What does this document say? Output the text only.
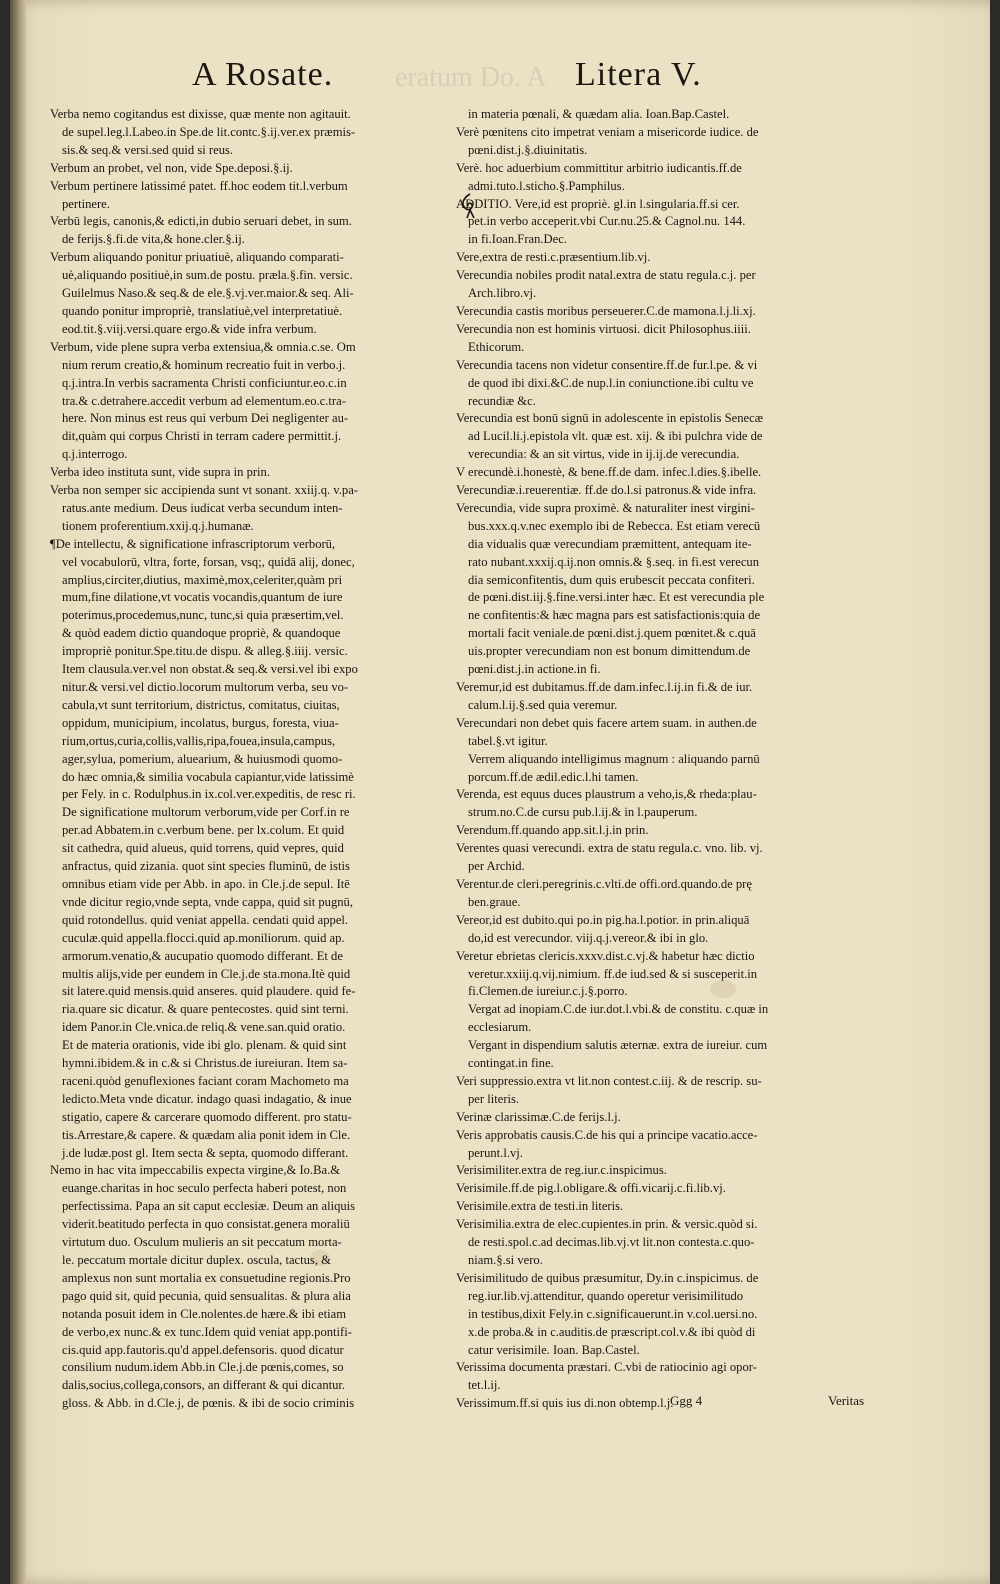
eratum Do. A
A Rosate.	Litera V.
Verba nemo cogitandus est dixisse, quæ mente non agitauit.
de supel.leg.l.Labeo.in Spe.de lit.contc.§.ij.ver.ex præmis-
sis.& seq.& versi.sed quid si reus.
Verbum an probet, vel non, vide Spe.deposi.§.ij.
Verbum pertinere latissimé patet. ff.hoc eodem tit.l.verbum
pertinere.
Verbū legis, canonis,& edicti,in dubio seruari debet, in sum.
de ferijs.§.fi.de vita,& hone.cler.§.ij.
Verbum aliquando ponitur priuatiuè, aliquando comparati-
uè,aliquando positiuè,in sum.de postu. præla.§.fin. versic.
Guilelmus Naso.& seq.& de ele.§.vj.ver.maior.& seq. Ali-
quando ponitur impropriè, translatiuè,vel interpretatiuè.
eod.tit.§.viij.versi.quare ergo.& vide infra verbum.
Verbum, vide plene supra verba extensiua,& omnia.c.se. Om
nium rerum creatio,& hominum recreatio fuit in verbo.j.
q.j.intra.In verbis sacramenta Christi conficiuntur.eo.c.in
tra.& c.detrahere.accedit verbum ad elementum.eo.c.tra-
here. Non minus est reus qui verbum Dei negligenter au-
dit,quàm qui corpus Christi in terram cadere permittit.j.
q.j.interrogo.
Verba ideo instituta sunt, vide supra in prin.
Verba non semper sic accipienda sunt vt sonant. xxiij.q. v.pa-
ratus.ante medium. Deus iudicat verba secundum inten-
tionem proferentium.xxij.q.j.humanæ.
¶De intellectu, & significatione infrascriptorum verborū,
vel vocabulorū, vltra, forte, forsan, vsq;, quidā alij, donec,
amplius,circiter,diutius, maximè,mox,celeriter,quàm pri
mum,fine dilatione,vt vocatis vocandis,quantum de iure
poterimus,procedemus,nunc, tunc,si quia præsertim,vel.
& quòd eadem dictio quandoque propriè, & quandoque
impropriè ponitur.Spe.titu.de dispu. & alleg.§.iiij. versic.
Item clausula.ver.vel non obstat.& seq.& versi.vel ibi expo
nitur.& versi.vel dictio.locorum multorum verba, seu vo-
cabula,vt sunt territorium, districtus, comitatus, ciuitas,
oppidum, municipium, incolatus, burgus, foresta, viua-
rium,ortus,curia,collis,vallis,ripa,fouea,insula,campus,
ager,sylua, pomerium, aluearium, & huiusmodi quomo-
do hæc omnia,& similia vocabula capiantur,vide latissimè
per Fely. in c. Rodulphus.in ix.col.ver.expeditis, de resc ri.
De significatione multorum verborum,vide per Corf.in re
per.ad Abbatem.in c.verbum bene. per lx.colum. Et quid
sit cathedra, quid alueus, quid torrens, quid vepres, quid
anfractus, quid zizania. quot sint species fluminū, de istis
omnibus etiam vide per Abb. in apo. in Cle.j.de sepul. Itē
vnde dicitur regio,vnde septa, vnde cappa, quid sit pugnū,
quid rotondellus. quid veniat appella. cendati quid appel.
cuculæ.quid appella.flocci.quid ap.moniliorum. quid ap.
armorum.venatio,& aucupatio quomodo differant. Et de
multis alijs,vide per eundem in Cle.j.de sta.mona.Itè quid
sit latere.quid mensis.quid anseres. quid plaudere. quid fe-
ria.quare sic dicatur. & quare pentecostes. quid sint terni.
idem Panor.in Cle.vnica.de reliq.& vene.san.quid oratio.
Et de materia orationis, vide ibi glo. plenam. & quid sint
hymni.ibidem.& in c.& si Christus.de iureiuran. Item sa-
raceni.quòd genuflexiones faciant coram Machometo ma
ledicto.Meta vnde dicatur. indago quasi indagatio, & inue
stigatio, capere & carcerare quomodo different. pro statu-
tis.Arrestare,& capere. & quædam alia ponit idem in Cle.
j.de ludæ.post gl. Item secta & septa, quomodo differant.
Nemo in hac vita impeccabilis expecta virgine,& Io.Ba.&
euange.charitas in hoc seculo perfecta haberi potest, non
perfectissima. Papa an sit caput ecclesiæ. Deum an aliquis
viderit.beatitudo perfecta in quo consistat.genera moraliū
virtutum duo. Osculum mulieris an sit peccatum morta-
le. peccatum mortale dicitur duplex. oscula, tactus, &
amplexus non sunt mortalia ex consuetudine regionis.Pro
pago quid sit, quid pecunia, quid sensualitas. & plura alia
notanda posuit idem in Cle.nolentes.de hære.& ibi etiam
de verbo,ex nunc.& ex tunc.Idem quid veniat app.pontifi-
cis.quid app.fautoris.qu'd appel.defensoris. quod dicatur
consilium nudum.idem Abb.in Cle.j.de pœnis,comes, so
dalis,socius,collega,consors, an differant & qui dicantur.
gloss. & Abb. in d.Cle.j, de pœnis. & ibi de socio criminis
in materia pœnali, & quædam alia. Ioan.Bap.Castel.
Verè pœnitens cito impetrat veniam a misericorde iudice. de
pœni.dist.j.§.diuinitatis.
Verè. hoc aduerbium committitur arbitrio iudicantis.ff.de
admi.tuto.l.sticho.§.Pamphilus.
ADDITIO. Vere,id est propriè. gl.in l.singularia.ff.si cer.
pet.in verbo acceperit.vbi Cur.nu.25.& Cagnol.nu. 144.
in fi.Ioan.Fran.Dec.
Vere,extra de resti.c.præsentium.lib.vj.
Verecundia nobiles prodit natal.extra de statu regula.c.j. per
Arch.libro.vj.
Verecundia castis moribus perseuerer.C.de mamona.l.j.li.xj.
Verecundia non est hominis virtuosi. dicit Philosophus.iiii.
Ethicorum.
Verecundia tacens non videtur consentire.ff.de fur.l.pe. & vi
de quod ibi dixi.&C.de nup.l.in coniunctione.ibi cultu ve
recundiæ &c.
Verecundia est bonū signū in adolescente in epistolis Senecæ
ad Lucil.li.j.epistola vlt. quæ est. xij. & ibi pulchra vide de
verecundia: & an sit virtus, vide in ij.ij.de verecundia.
V erecundè.i.honestè, & bene.ff.de dam. infec.l.dies.§.ibelle.
Verecundiæ.i.reuerentiæ. ff.de do.l.si patronus.& vide infra.
Verecundia, vide supra proximè. & naturaliter inest virgini-
bus.xxx.q.v.nec exemplo ibi de Rebecca. Est etiam verecū
dia vidualis quæ verecundiam præmittent, antequam ite-
rato nubant.xxxij.q.ij.non omnis.& §.seq. in fi.est verecun
dia semiconfitentis, dum quis erubescit peccata confiteri.
de pœni.dist.iij.§.fine.versi.inter hæc. Et est verecundia ple
ne confitentis:& hæc magna pars est satisfactionis:quia de
mortali facit veniale.de pœni.dist.j.quem pœnitet.& c.quā
uis.propter verecundiam non est bonum dimittendum.de
pœni.dist.j.in actione.in fi.
Veremur,id est dubitamus.ff.de dam.infec.l.ij.in fi.& de iur.
calum.l.ij.§.sed quia veremur.
Verecundari non debet quis facere artem suam. in authen.de
tabel.§.vt igitur.
Verrem aliquando intelligimus magnum : aliquando parnū
porcum.ff.de ædil.edic.l.hi tamen.
Verenda, est equus duces plaustrum a veho,is,& rheda:plau-
strum.no.C.de cursu pub.l.ij.& in l.pauperum.
Verendum.ff.quando app.sit.l.j.in prin.
Verentes quasi verecundi. extra de statu regula.c. vno. lib. vj.
per Archid.
Verentur.de cleri.peregrinis.c.vlti.de offi.ord.quando.de prę
ben.graue.
Vereor,id est dubito.qui po.in pig.ha.l.potior. in prin.aliquā
do,id est verecundor. viij.q.j.vereor.& ibi in glo.
Veretur ebrietas clericis.xxxv.dist.c.vj.& habetur hæc dictio
veretur.xxiij.q.vij.nimium. ff.de iud.sed & si susceperit.in
fi.Clemen.de iureiur.c.j.§.porro.
Vergat ad inopiam.C.de iur.dot.l.vbi.& de constitu. c.quæ in
ecclesiarum.
Vergant in dispendium salutis æternæ. extra de iureiur. cum
contingat.in fine.
Veri suppressio.extra vt lit.non contest.c.iij. & de rescrip. su-
per literis.
Verinæ clarissimæ.C.de ferijs.l.j.
Veris approbatis causis.C.de his qui a principe vacatio.acce-
perunt.l.vj.
Verisimiliter.extra de reg.iur.c.inspicimus.
Verisimile.ff.de pig.l.obligare.& offi.vicarij.c.fi.lib.vj.
Verisimile.extra de testi.in literis.
Verisimilia.extra de elec.cupientes.in prin. & versic.quòd si.
de resti.spol.c.ad decimas.lib.vj.vt lit.non contesta.c.quo-
niam.§.si vero.
Verisimilitudo de quibus præsumitur, Dy.in c.inspicimus. de
reg.iur.lib.vj.attenditur, quando operetur verisimilitudo
in testibus,dixit Fely.in c.significauerunt.in v.col.uersi.no.
x.de proba.& in c.auditis.de præscript.col.v.& ibi quòd di
catur verisimile. Ioan. Bap.Castel.
Verissima documenta præstari. C.vbi de ratiocinio agi opor-
tet.l.ij.
Verissimum.ff.si quis ius di.non obtemp.l.j.
Ggg 4	Veritas
